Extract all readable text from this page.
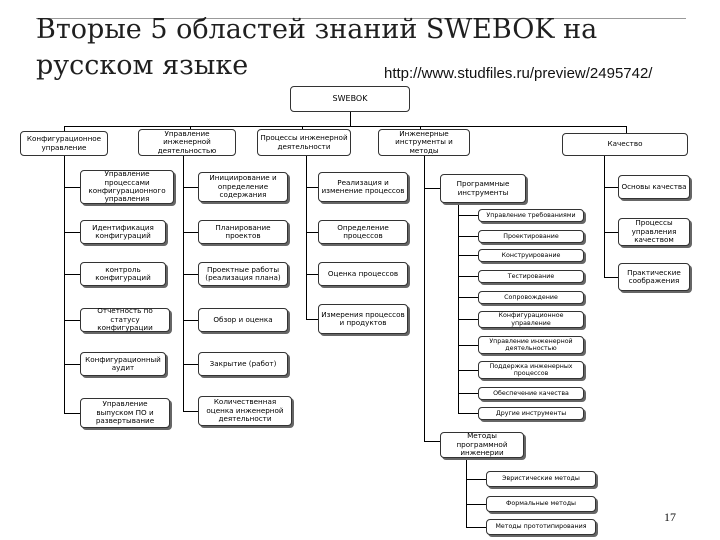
Вторые 5 областей знаний SWEBOK на русском языке	http://www.studfiles.ru/preview/2495742/
SWEBOK
Конфигурационное управление
Управление инженерной деятельностью
Процессы инженерной деятельности
Инженерные инструменты и методы
Качество
Управление процессами конфигурационного управления
Идентификация конфигураций
контроль конфигураций
Отчетность по статусу конфигурации
Конфигурационный аудит
Управление выпуском ПО и развертывание
Инициирование и определение содержания
Планирование проектов
Проектные работы (реализация плана)
Обзор и оценка
Закрытие (работ)
Количественная оценка инженерной деятельности
Реализация и изменение процессов
Определение процессов
Оценка процессов
Измерения процессов и продуктов
Программные инструменты
Управление требованиями
Проектирование
Конструирование
Тестирование
Сопровождение
Конфигурационное управление
Управление инженерной деятельностью
Поддержка инженерных процессов
Обеспечение качества
Другие инструменты
Методы программной инженерии
Эвристические методы
Формальные методы
Методы прототипирования
Основы качества
Процессы управления качеством
Практические соображения
17
